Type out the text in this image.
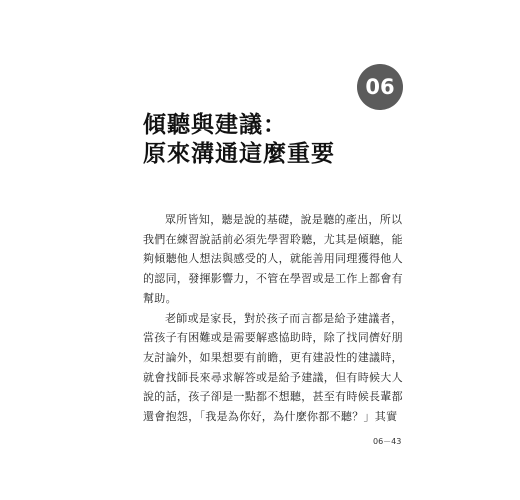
06
傾聽與建議：
原來溝通這麼重要

眾所皆知，聽是說的基礎，說是聽的產出，所以
我們在練習說話前必須先學習聆聽，尤其是傾聽，能
夠傾聽他人想法與感受的人，就能善用同理獲得他人
的認同，發揮影響力，不管在學習或是工作上都會有
幫助。

老師或是家長，對於孩子而言都是給予建議者，
當孩子有困難或是需要解惑協助時，除了找同儕好朋
友討論外，如果想要有前瞻，更有建設性的建議時，
就會找師長來尋求解答或是給予建議，但有時候大人
說的話，孩子卻是一點都不想聽，甚至有時候長輩都
還會抱怨，「我是為你好，為什麼你都不聽？」其實

06－43
